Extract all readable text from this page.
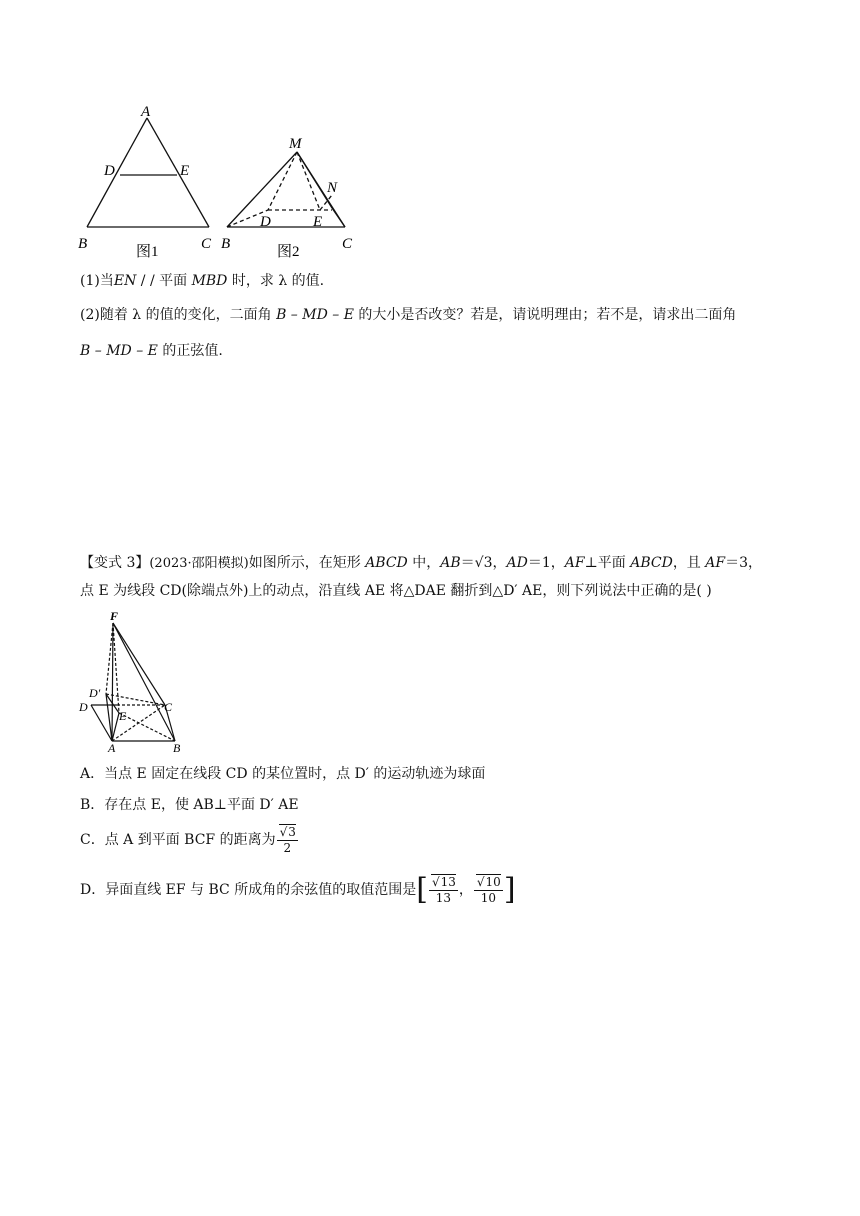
A
D	E
B	C
图1
M
N
D	E
B	C
图2
(1)当EN / / 平面 MBD 时，求 λ 的值.
(2)随着 λ 的值的变化，二面角 B – MD – E 的大小是否改变？若是，请说明理由；若不是，请求出二面角
B – MD – E 的正弦值.
【变式 3】(2023·邵阳模拟)如图所示，在矩形 ABCD 中，AB＝√3，AD＝1，AF⊥平面 ABCD，且 AF＝3，
点 E 为线段 CD(除端点外)上的动点，沿直线 AE 将△DAE 翻折到△D′ AE，则下列说法中正确的是( )
F
D′
D
E
C
A	B
A．当点 E 固定在线段 CD 的某位置时，点 D′ 的运动轨迹为球面
B．存在点 E，使 AB⊥平面 D′ AE
C．点 A 到平面 BCF 的距离为 √ $\frac{3}{2}$
D．异面直线 EF 与 BC 所成角的余弦值的取值范围是[ √ $\frac{13}{13}$ ， √ $\frac{10}{10}$ ]
